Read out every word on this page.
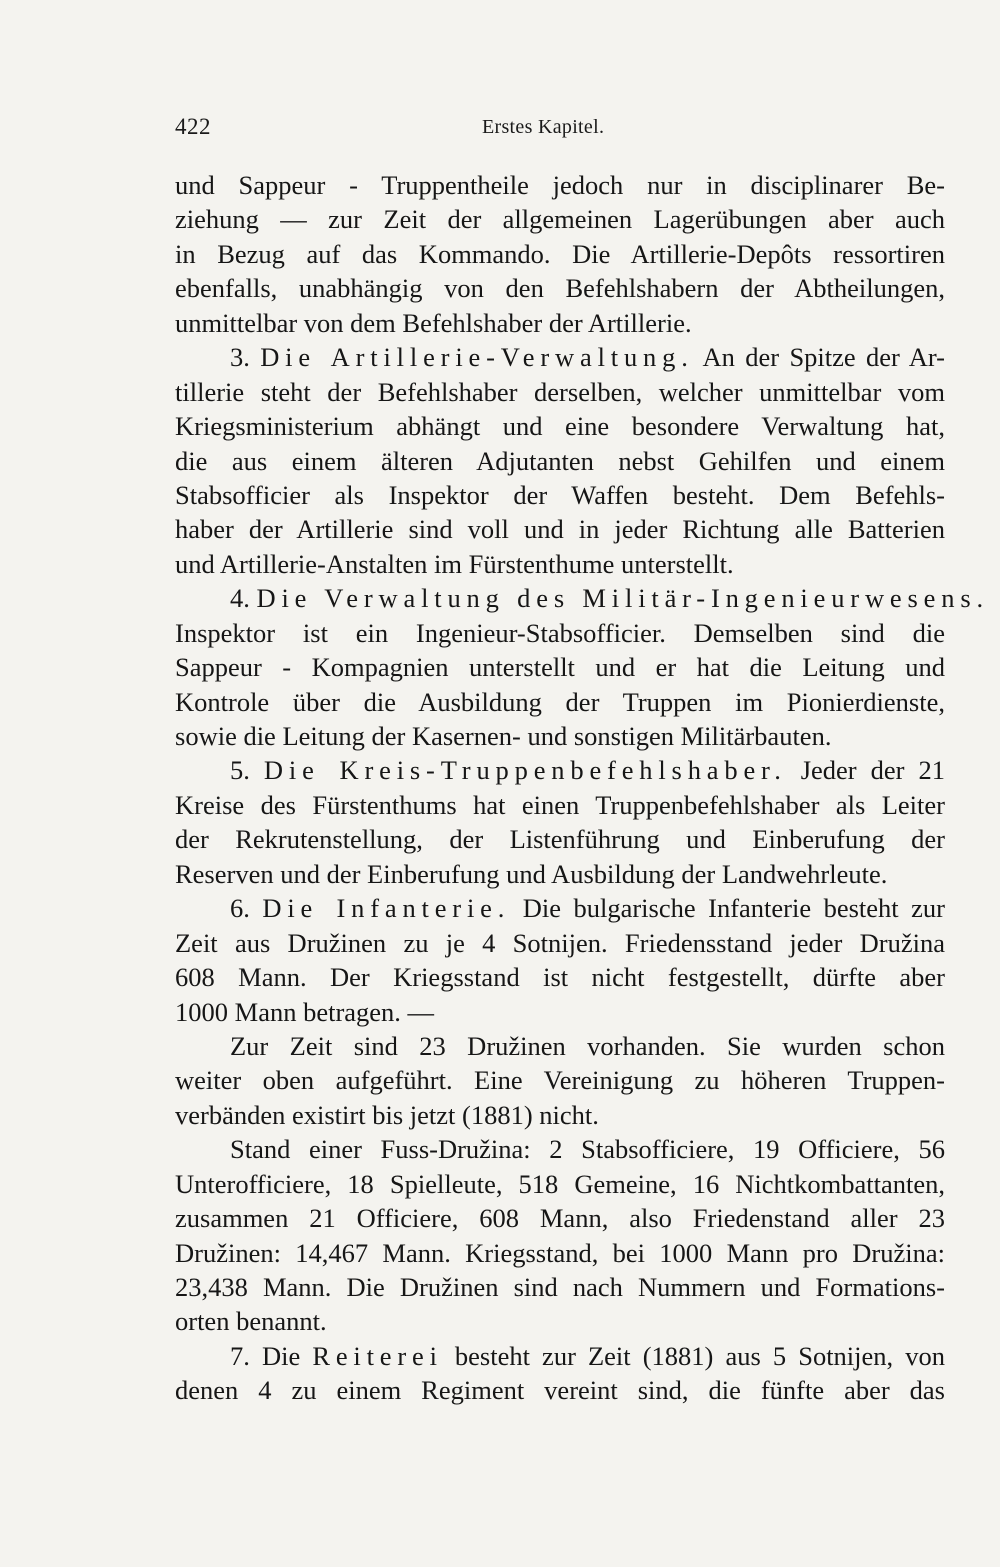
422	Erstes Kapitel.
und Sappeur - Truppentheile jedoch nur in disciplinarer Be-
ziehung — zur Zeit der allgemeinen Lagerübungen aber auch
in Bezug auf das Kommando. Die Artillerie-Depôts ressortiren
ebenfalls, unabhängig von den Befehlshabern der Abtheilungen,
unmittelbar von dem Befehlshaber der Artillerie.
3. Die Artillerie-Verwaltung. An der Spitze der Ar-
tillerie steht der Befehlshaber derselben, welcher unmittelbar vom
Kriegsministerium abhängt und eine besondere Verwaltung hat,
die aus einem älteren Adjutanten nebst Gehilfen und einem
Stabsofficier als Inspektor der Waffen besteht. Dem Befehls-
haber der Artillerie sind voll und in jeder Richtung alle Batterien
und Artillerie-Anstalten im Fürstenthume unterstellt.
4. Die Verwaltung des Militär-Ingenieurwesens.
Inspektor ist ein Ingenieur-Stabsofficier. Demselben sind die
Sappeur - Kompagnien unterstellt und er hat die Leitung und
Kontrole über die Ausbildung der Truppen im Pionierdienste,
sowie die Leitung der Kasernen- und sonstigen Militärbauten.
5. Die Kreis-Truppenbefehlshaber. Jeder der 21
Kreise des Fürstenthums hat einen Truppenbefehlshaber als Leiter
der Rekrutenstellung, der Listenführung und Einberufung der
Reserven und der Einberufung und Ausbildung der Landwehrleute.
6. Die Infanterie. Die bulgarische Infanterie besteht zur
Zeit aus Družinen zu je 4 Sotnijen. Friedensstand jeder Družina
608 Mann. Der Kriegsstand ist nicht festgestellt, dürfte aber
1000 Mann betragen. —
Zur Zeit sind 23 Družinen vorhanden. Sie wurden schon
weiter oben aufgeführt. Eine Vereinigung zu höheren Truppen-
verbänden existirt bis jetzt (1881) nicht.
Stand einer Fuss-Družina: 2 Stabsofficiere, 19 Officiere, 56
Unterofficiere, 18 Spielleute, 518 Gemeine, 16 Nichtkombattanten,
zusammen 21 Officiere, 608 Mann, also Friedenstand aller 23
Družinen: 14,467 Mann. Kriegsstand, bei 1000 Mann pro Družina:
23,438 Mann. Die Družinen sind nach Nummern und Formations-
orten benannt.
7. Die Reiterei besteht zur Zeit (1881) aus 5 Sotnijen, von
denen 4 zu einem Regiment vereint sind, die fünfte aber das
